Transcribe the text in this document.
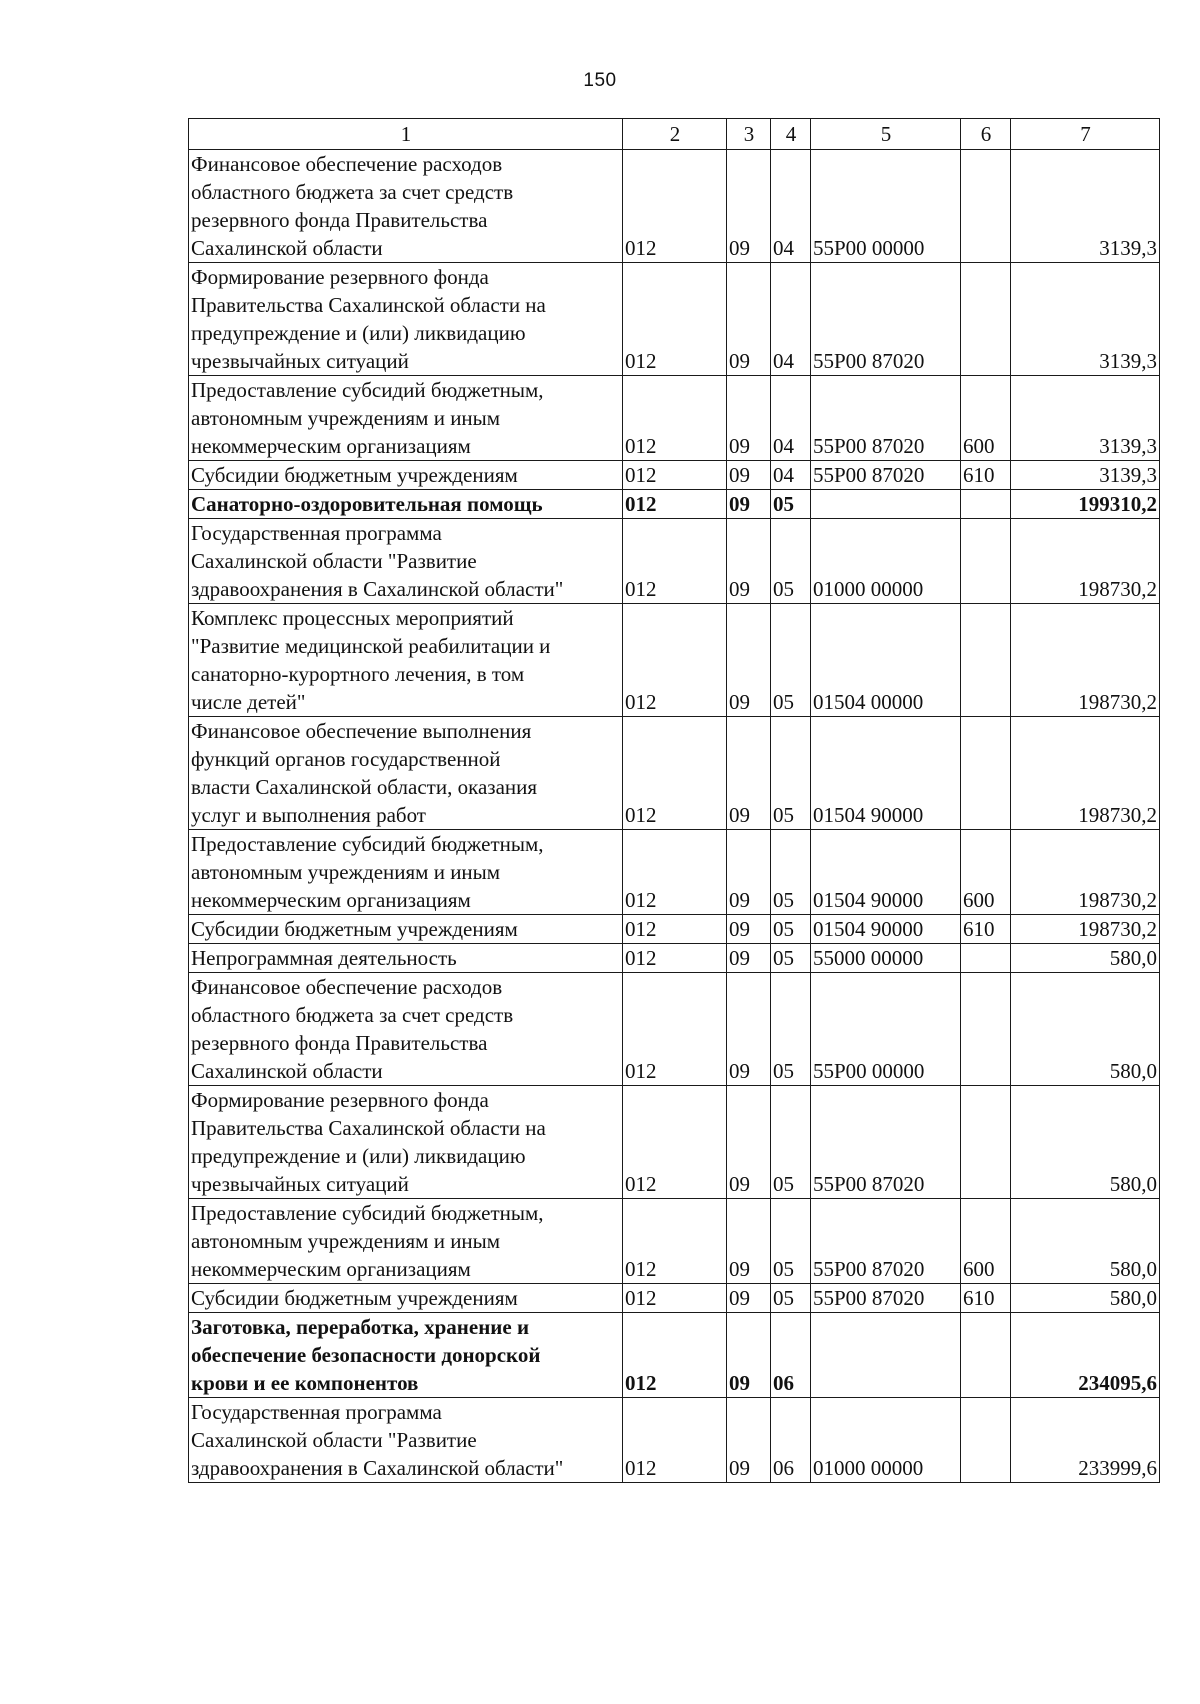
150
1	2	3	4	5	6	7
Финансовое обеспечение расходов
областного бюджета за счет средств
резервного фонда Правительства
Сахалинской области	012	09	04	55Р00 00000		3139,3
Формирование резервного фонда
Правительства Сахалинской области на
предупреждение и (или) ликвидацию
чрезвычайных ситуаций	012	09	04	55Р00 87020		3139,3
Предоставление субсидий бюджетным,
автономным учреждениям и иным
некоммерческим организациям	012	09	04	55Р00 87020	600	3139,3
Субсидии бюджетным учреждениям	012	09	04	55Р00 87020	610	3139,3
Санаторно-оздоровительная помощь	012	09	05			199310,2
Государственная программа
Сахалинской области "Развитие
здравоохранения в Сахалинской области"	012	09	05	01000 00000		198730,2
Комплекс процессных мероприятий
"Развитие медицинской реабилитации и
санаторно-курортного лечения, в том
числе детей"	012	09	05	01504 00000		198730,2
Финансовое обеспечение выполнения
функций органов государственной
власти Сахалинской области, оказания
услуг и выполнения работ	012	09	05	01504 90000		198730,2
Предоставление субсидий бюджетным,
автономным учреждениям и иным
некоммерческим организациям	012	09	05	01504 90000	600	198730,2
Субсидии бюджетным учреждениям	012	09	05	01504 90000	610	198730,2
Непрограммная деятельность	012	09	05	55000 00000		580,0
Финансовое обеспечение расходов
областного бюджета за счет средств
резервного фонда Правительства
Сахалинской области	012	09	05	55Р00 00000		580,0
Формирование резервного фонда
Правительства Сахалинской области на
предупреждение и (или) ликвидацию
чрезвычайных ситуаций	012	09	05	55Р00 87020		580,0
Предоставление субсидий бюджетным,
автономным учреждениям и иным
некоммерческим организациям	012	09	05	55Р00 87020	600	580,0
Субсидии бюджетным учреждениям	012	09	05	55Р00 87020	610	580,0
Заготовка, переработка, хранение и
обеспечение безопасности донорской
крови и ее компонентов	012	09	06			234095,6
Государственная программа
Сахалинской области "Развитие
здравоохранения в Сахалинской области"	012	09	06	01000 00000		233999,6
